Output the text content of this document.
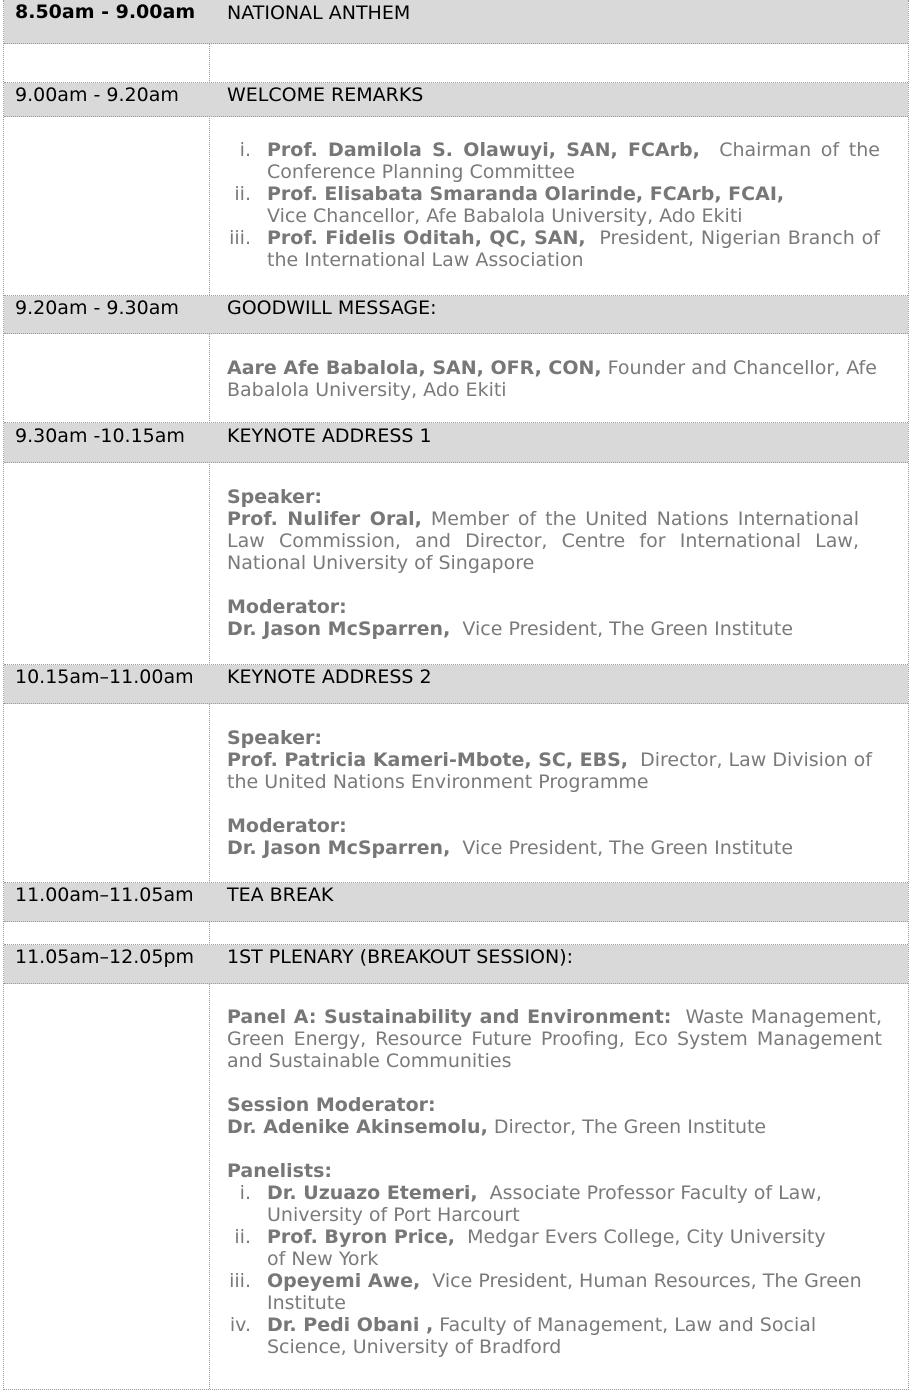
8.50am - 9.00am NATIONAL ANTHEM
9.00am - 9.20am	WELCOME REMARKS
i. Prof. Damilola S. Olawuyi, SAN, FCArb, Chairman of the Conference Planning Committee
ii. Prof. Elisabata Smaranda Olarinde, FCArb, FCAI,
Vice Chancellor, Afe Babalola University, Ado Ekiti
iii. Prof. Fidelis Oditah, QC, SAN, President, Nigerian Branch of the International Law Association
9.20am - 9.30am	GOODWILL MESSAGE:

Aare Afe Babalola, SAN, OFR, CON, Founder and Chancellor, Afe Babalola University, Ado Ekiti

9.30am -10.15am KEYNOTE ADDRESS 1

Speaker:

Prof. Nulifer Oral, Member of the United Nations International Law Commission, and Director, Centre for International Law, National University of Singapore

Moderator:

Dr. Jason McSparren, Vice President, The Green Institute

10.15am–11.00am KEYNOTE ADDRESS 2

Speaker:

Prof. Patricia Kameri-Mbote, SC, EBS, Director, Law Division of the United Nations Environment Programme

Moderator:

Dr. Jason McSparren, Vice President, The Green Institute

11.00am–11.05am TEA BREAK
11.05am–12.05pm 1ST PLENARY (BREAKOUT SESSION):

Panel A: Sustainability and Environment: Waste Management, Green Energy, Resource Future Proofing, Eco System Management and Sustainable Communities

Session Moderator:

Dr. Adenike Akinsemolu, Director, The Green Institute

Panelists:

i. Dr. Uzuazo Etemeri, Associate Professor Faculty of Law, University of Port Harcourt
ii. Prof. Byron Price, Medgar Evers College, City University of New York
iii. Opeyemi Awe, Vice President, Human Resources, The Green Institute
iv. Dr. Pedi Obani , Faculty of Management, Law and Social Science, University of Bradford
